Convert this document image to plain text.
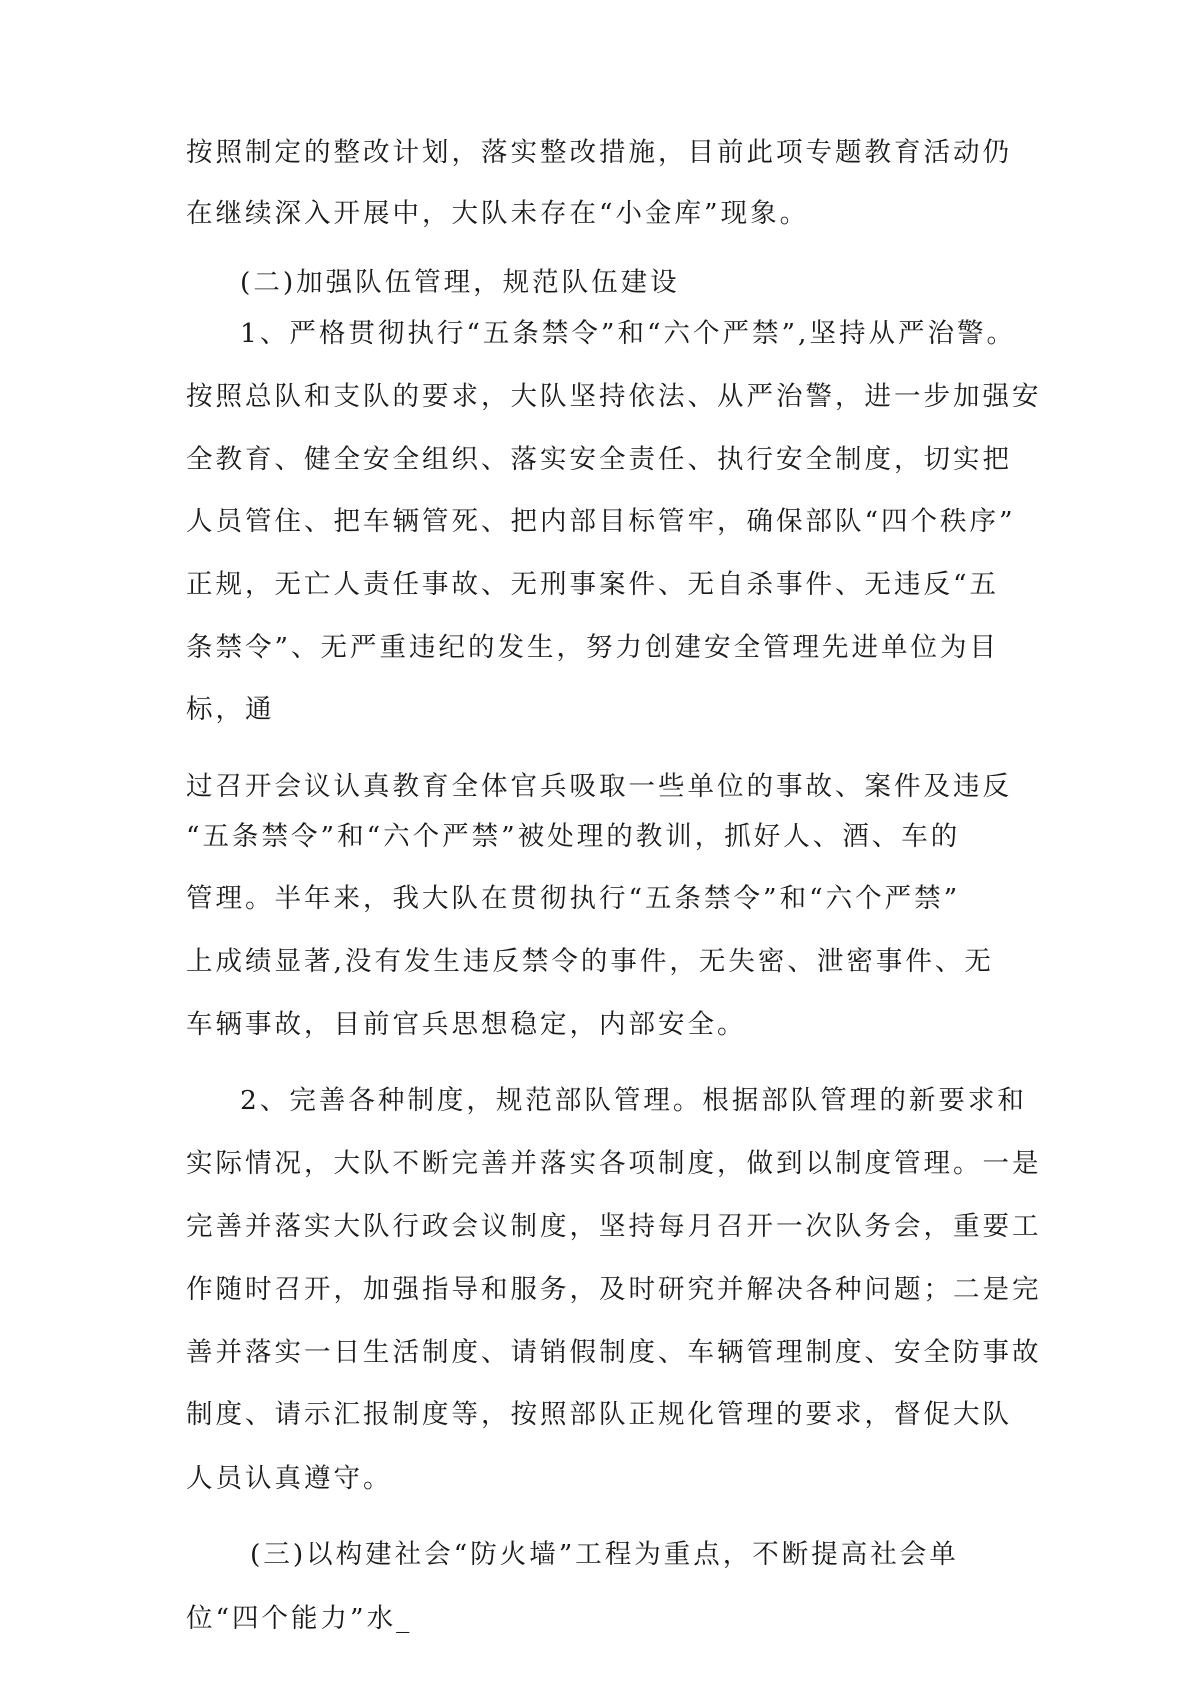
按照制定的整改计划，落实整改措施，目前此项专题教育活动仍

在继续深入开展中，大队未存在“小金库”现象。

(二)加强队伍管理，规范队伍建设

1、严格贯彻执行“五条禁令”和“六个严禁”,坚持从严治警。

按照总队和支队的要求，大队坚持依法、从严治警，进一步加强安

全教育、健全安全组织、落实安全责任、执行安全制度，切实把

人员管住、把车辆管死、把内部目标管牢，确保部队“四个秩序”

正规，无亡人责任事故、无刑事案件、无自杀事件、无违反“五

条禁令”、无严重违纪的发生，努力创建安全管理先进单位为目

标，通

过召开会议认真教育全体官兵吸取一些单位的事故、案件及违反

“五条禁令”和“六个严禁”被处理的教训，抓好人、酒、车的

管理。半年来，我大队在贯彻执行“五条禁令”和“六个严禁”

上成绩显著,没有发生违反禁令的事件，无失密、泄密事件、无

车辆事故，目前官兵思想稳定，内部安全。

2、完善各种制度，规范部队管理。根据部队管理的新要求和

实际情况，大队不断完善并落实各项制度，做到以制度管理。一是

完善并落实大队行政会议制度，坚持每月召开一次队务会，重要工

作随时召开，加强指导和服务，及时研究并解决各种问题；二是完

善并落实一日生活制度、请销假制度、车辆管理制度、安全防事故

制度、请示汇报制度等，按照部队正规化管理的要求，督促大队

人员认真遵守。

(三)以构建社会“防火墙”工程为重点，不断提高社会单

位“四个能力”水_
